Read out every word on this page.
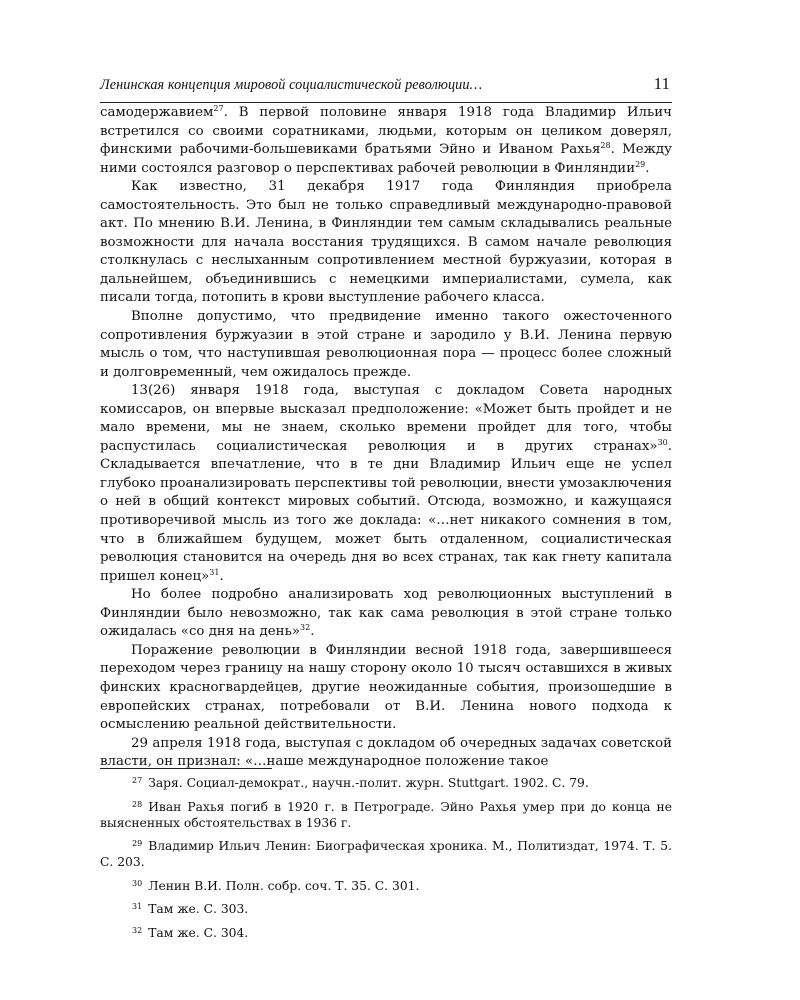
Ленинская концепция мировой социалистической революции…	11

самодержавием$^{27}$. В первой половине января 1918 года Владимир Ильич встретился со своими соратниками, людьми, которым он целиком доверял, финскими рабочими-большевиками братьями Эйно и Иваном Рахья$^{28}$. Между ними состоялся разговор о перспективах рабочей революции в Финляндии$^{29}$.

Как известно, 31 декабря 1917 года Финляндия приобрела самостоятельность. Это был не только справедливый международно-правовой акт. По мнению В.И. Ленина, в Финляндии тем самым складывались реальные возможности для начала восстания трудящихся. В самом начале революция столкнулась с неслыханным сопротивлением местной буржуазии, которая в дальнейшем, объединившись с немецкими империалистами, сумела, как писали тогда, потопить в крови выступление рабочего класса.

Вполне допустимо, что предвидение именно такого ожесточенного сопротивления буржуазии в этой стране и зародило у В.И. Ленина первую мысль о том, что наступившая революционная пора — процесс более сложный и долговременный, чем ожидалось прежде.

13(26) января 1918 года, выступая с докладом Совета народных комиссаров, он впервые высказал предположение: «Может быть пройдет и не мало времени, мы не знаем, сколько времени пройдет для того, чтобы распустилась социалистическая революция и в других странах»$^{30}$. Складывается впечатление, что в те дни Владимир Ильич еще не успел глубоко проанализировать перспективы той революции, внести умозаключения о ней в общий контекст мировых событий. Отсюда, возможно, и кажущаяся противоречивой мысль из того же доклада: «…нет никакого сомнения в том, что в ближайшем будущем, может быть отдаленном, социалистическая революция становится на очередь дня во всех странах, так как гнету капитала пришел конец»$^{31}$.

Но более подробно анализировать ход революционных выступлений в Финляндии было невозможно, так как сама революция в этой стране только ожидалась «со дня на день»$^{32}$.

Поражение революции в Финляндии весной 1918 года, завершившееся переходом через границу на нашу сторону около 10 тысяч оставшихся в живых финских красногвардейцев, другие неожиданные события, произошедшие в европейских странах, потребовали от В.И. Ленина нового подхода к осмыслению реальной действительности.

29 апреля 1918 года, выступая с докладом об очередных задачах советской власти, он признал: «…наше международное положение такое

$^{27}$ Заря. Социал-демократ., научн.-полит. журн. Stuttgart. 1902. С. 79.
$^{28}$ Иван Рахья погиб в 1920 г. в Петрограде. Эйно Рахья умер при до конца не выясненных обстоятельствах в 1936 г.
$^{29}$ Владимир Ильич Ленин: Биографическая хроника. М., Политиздат, 1974. Т. 5. С. 203.
$^{30}$ Ленин В.И. Полн. собр. соч. Т. 35. С. 301.
$^{31}$ Там же. С. 303.
$^{32}$ Там же. С. 304.
